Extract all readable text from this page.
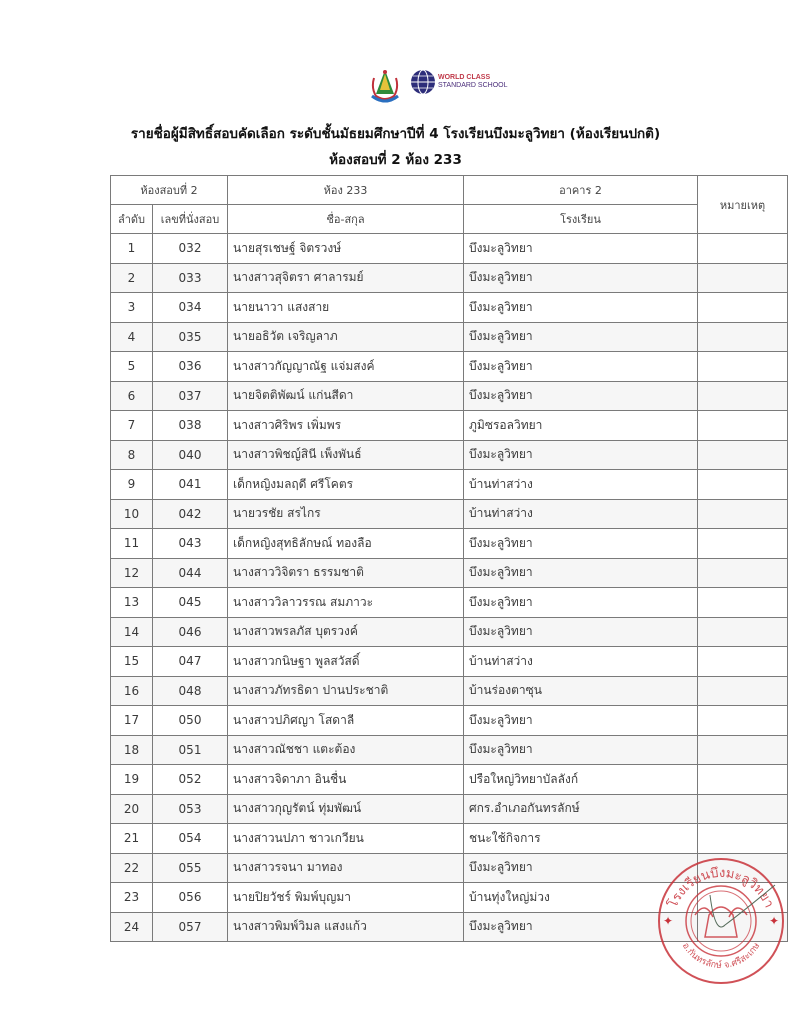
WORLD CLASS
STANDARD SCHOOL
รายชื่อผู้มีสิทธิ์สอบคัดเลือก ระดับชั้นมัธยมศึกษาปีที่ 4 โรงเรียนบึงมะลูวิทยา (ห้องเรียนปกติ)
ห้องสอบที่ 2 ห้อง 233
ห้องสอบที่ 2		ห้อง 233	อาคาร 2	หมายเหตุ
ลำดับ	เลขที่นั่งสอบ	ชื่อ-สกุล	โรงเรียน	
1	032	นายสุรเชษฐ์ จิตรวงษ์	บึงมะลูวิทยา	
2	033	นางสาวสุจิตรา ศาลารมย์	บึงมะลูวิทยา	
3	034	นายนาวา แสงสาย	บึงมะลูวิทยา	
4	035	นายอธิวัต เจริญลาภ	บึงมะลูวิทยา	
5	036	นางสาวกัญญาณัฐ แจ่มสงค์	บึงมะลูวิทยา	
6	037	นายจิตติพัฒน์ แก่นสีดา	บึงมะลูวิทยา	
7	038	นางสาวศิริพร เพิ่มพร	ภูมิซรอลวิทยา	
8	040	นางสาวพิชญ์สินี เพ็งพันธ์	บึงมะลูวิทยา	
9	041	เด็กหญิงมลฤดี ศรีโคตร	บ้านท่าสว่าง	
10	042	นายวรชัย สรไกร	บ้านท่าสว่าง	
11	043	เด็กหญิงสุทธิลักษณ์ ทองลือ	บึงมะลูวิทยา	
12	044	นางสาววิจิตรา ธรรมชาติ	บึงมะลูวิทยา	
13	045	นางสาววิลาวรรณ สมภาวะ	บึงมะลูวิทยา	
14	046	นางสาวพรลภัส บุตรวงค์	บึงมะลูวิทยา	
15	047	นางสาวกนิษฐา พูลสวัสดิ์	บ้านท่าสว่าง	
16	048	นางสาวภัทรธิดา ปานประชาติ	บ้านร่องตาซุน	
17	050	นางสาวปภิศญา โสดาลี	บึงมะลูวิทยา	
18	051	นางสาวณัชชา แตะต้อง	บึงมะลูวิทยา	
19	052	นางสาวจิดาภา อินชื่น	ปรือใหญ่วิทยาบัลลังก์	
20	053	นางสาวกุญรัตน์ ทุ่มพัฒน์	ศกร.อำเภอกันทรลักษ์	
21	054	นางสาวนปภา ชาวเกวียน	ชนะใช้กิจการ	
22	055	นางสาวรจนา มาทอง	บึงมะลูวิทยา	
23	056	นายปิยวัชร์ พิมพ์บุญมา	บ้านทุ่งใหญ่ม่วง	
24	057	นางสาวพิมพ์วิมล แสงแก้ว	บึงมะลูวิทยา	
โรงเรียนบึงมะลูวิทยา
อ.กันทรลักษ์ จ.ศรีสะเกษ
✦	✦
